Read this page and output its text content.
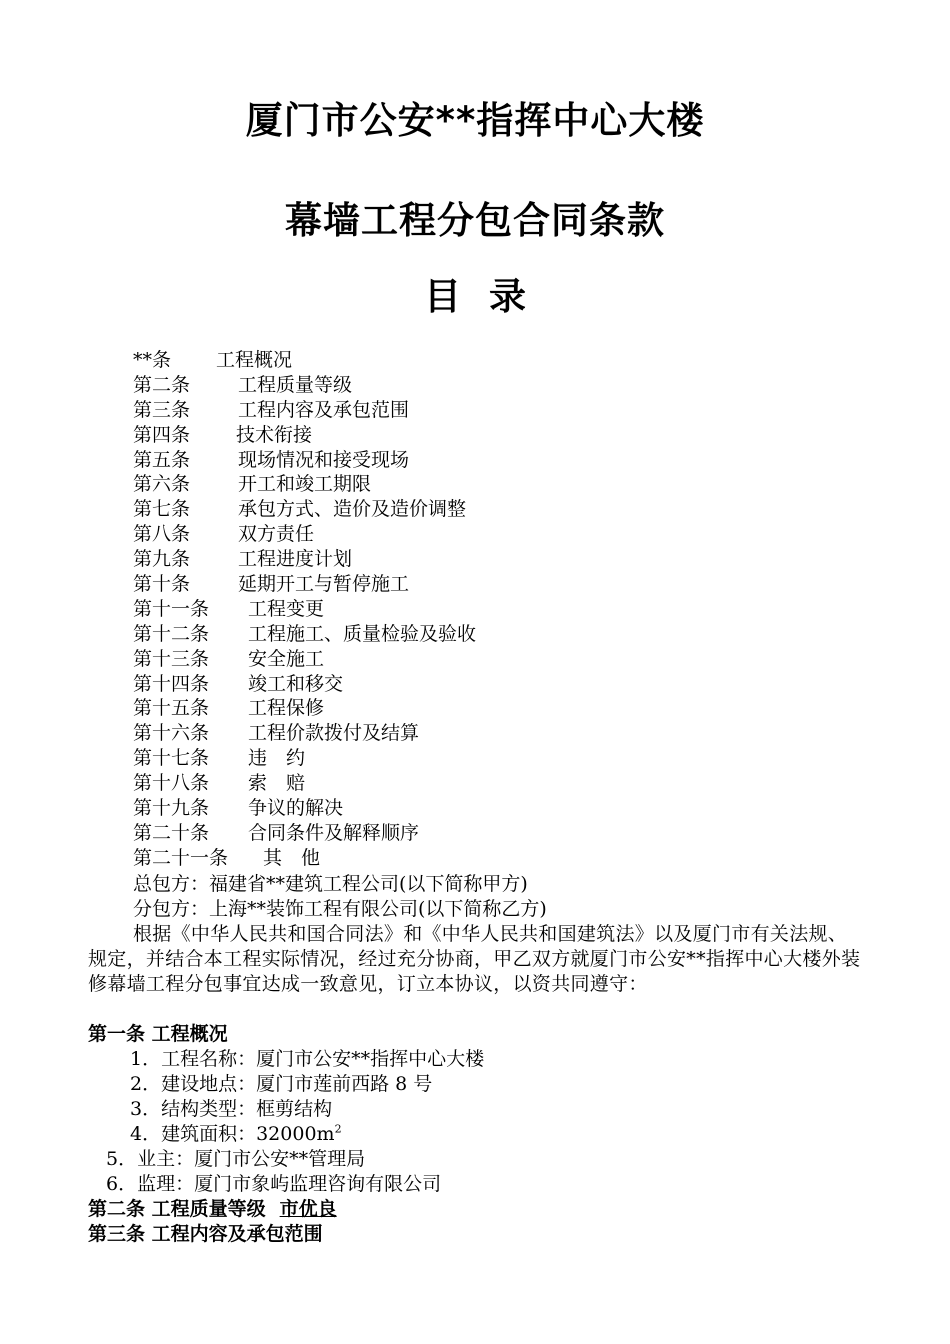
厦门市公安**指挥中心大楼
幕墙工程分包合同条款
目录
**条 工程概况
第二条	工程质量等级
第三条	工程内容及承包范围
第四条 技术衔接
第五条	现场情况和接受现场
第六条	开工和竣工期限
第七条	承包方式、造价及造价调整
第八条	双方责任
第九条	工程进度计划
第十条	延期开工与暂停施工
第十一条 工程变更
第十二条 工程施工、质量检验及验收
第十三条 安全施工
第十四条 竣工和移交
第十五条 工程保修
第十六条 工程价款拨付及结算
第十七条 违　约
第十八条 索　赔
第十九条 争议的解决
第二十条 合同条件及解释顺序
第二十一条 其　他
总包方：福建省**建筑工程公司(以下简称甲方)
分包方：上海**装饰工程有限公司(以下简称乙方)
根据《中华人民共和国合同法》和《中华人民共和国建筑法》以及厦门市有关法规、规定，并结合本工程实际情况，经过充分协商，甲乙双方就厦门市公安**指挥中心大楼外装修幕墙工程分包事宜达成一致意见，订立本协议，以资共同遵守：
第一条 工程概况
1．工程名称：厦门市公安**指挥中心大楼
2．建设地点：厦门市莲前西路 8 号
3．结构类型：框剪结构
4．建筑面积：$32000m^2$
5．业主：厦门市公安**管理局
6．监理：厦门市象屿监理咨询有限公司
第二条 工程质量等级 市优良
第三条 工程内容及承包范围
